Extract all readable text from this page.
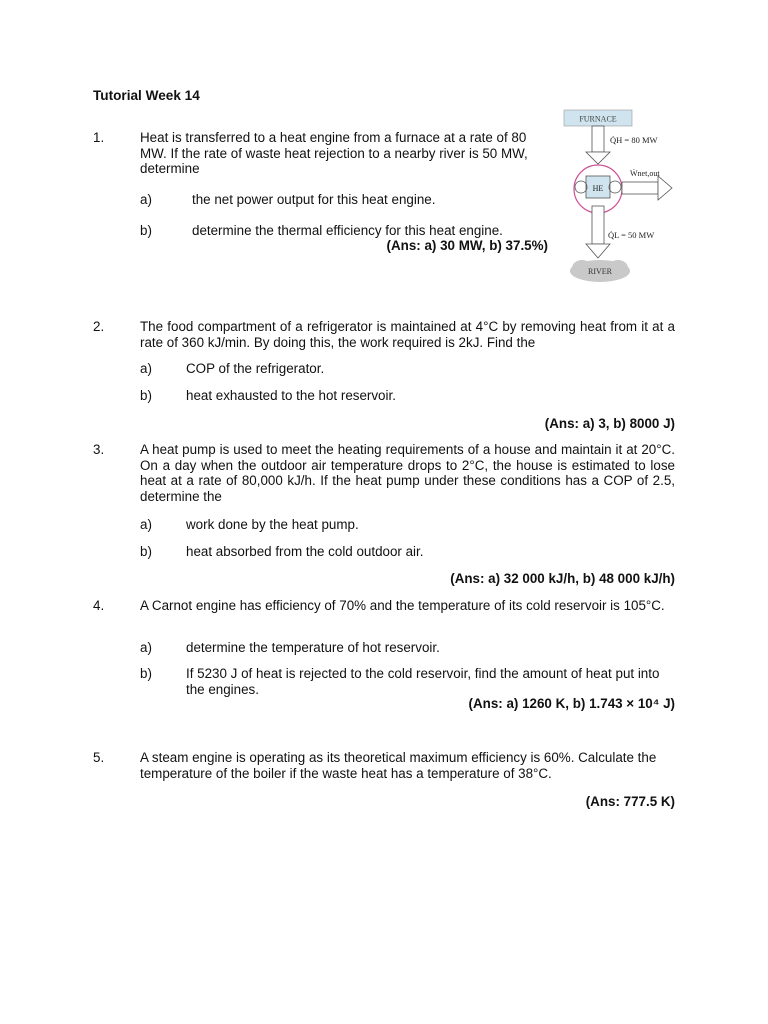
Tutorial Week 14
1.	Heat is transferred to a heat engine from a furnace at a rate of 80 MW. If the rate of waste heat rejection to a nearby river is 50 MW, determine
a)	the net power output for this heat engine.
b)	determine the thermal efficiency for this heat engine.
(Ans: a) 30 MW, b) 37.5%)
FURNACE
Q̇H = 80 MW
HE
Ẇnet,out
Q̇L = 50 MW
RIVER
2.	The food compartment of a refrigerator is maintained at 4°C by removing heat from it at a rate of 360 kJ/min. By doing this, the work required is 2kJ. Find the
a)	COP of the refrigerator.
b)	heat exhausted to the hot reservoir.
(Ans: a) 3, b) 8000 J)
3.	A heat pump is used to meet the heating requirements of a house and maintain it at 20°C. On a day when the outdoor air temperature drops to 2°C, the house is estimated to lose heat at a rate of 80,000 kJ/h. If the heat pump under these conditions has a COP of 2.5, determine the
a)	work done by the heat pump.
b)	heat absorbed from the cold outdoor air.
(Ans: a) 32 000 kJ/h, b) 48 000 kJ/h)
4.	A Carnot engine has efficiency of 70% and the temperature of its cold reservoir is 105°C.
a)	determine the temperature of hot reservoir.
b)	If 5230 J of heat is rejected to the cold reservoir, find the amount of heat put into the engines.
(Ans: a) 1260 K, b) 1.743 × 10⁴ J)
5.	A steam engine is operating as its theoretical maximum efficiency is 60%. Calculate the temperature of the boiler if the waste heat has a temperature of 38°C.
(Ans: 777.5 K)
